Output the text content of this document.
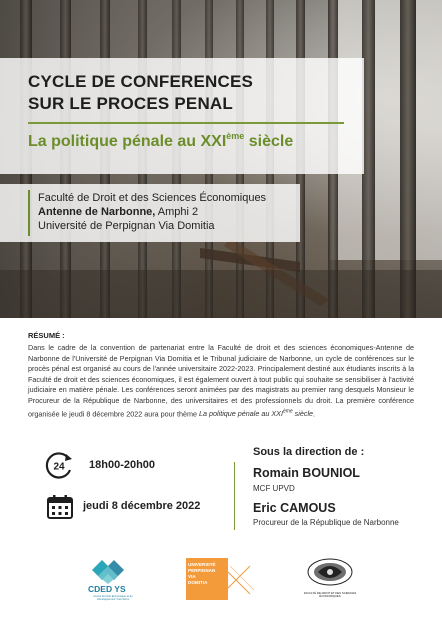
CYCLE DE CONFERENCES
SUR LE PROCES PENAL
La politique pénale au XXIème siècle
Faculté de Droit et des Sciences Économiques
Antenne de Narbonne, Amphi 2
Université de Perpignan Via Domitia
RÉSUMÉ :
Dans le cadre de la convention de partenariat entre la Faculté de droit et des sciences économiques-Antenne de Narbonne de l'Université de Perpignan Via Domitia et le Tribunal judiciaire de Narbonne, un cycle de conférences sur le procès pénal est organisé au cours de l'année universitaire 2022-2023. Principalement destiné aux étudiants inscrits à la Faculté de droit et des sciences économiques, il est également ouvert à tout public qui souhaite se sensibiliser à l'activité judiciaire en matière pénale. Les conférences seront animées par des magistrats au premier rang desquels Monsieur le Procureur de la République de Narbonne, des universitaires et des professionnels du droit. La première conférence organisée le jeudi 8 décembre 2022 aura pour thème La politique pénale au XXIème siècle.
24 18h00-20h00
jeudi 8 décembre 2022
Sous la direction de :
Romain BOUNIOL
MCF UPVD
Eric CAMOUS
Procureur de la République de Narbonne
CDED YS
Centre du Droit Economique et du Développement Yves Serra
UNIVERSITÉ
PERPIGNAN
VIA
DOMITIA
FACULTÉ DE DROIT ET DES SCIENCES ÉCONOMIQUES
